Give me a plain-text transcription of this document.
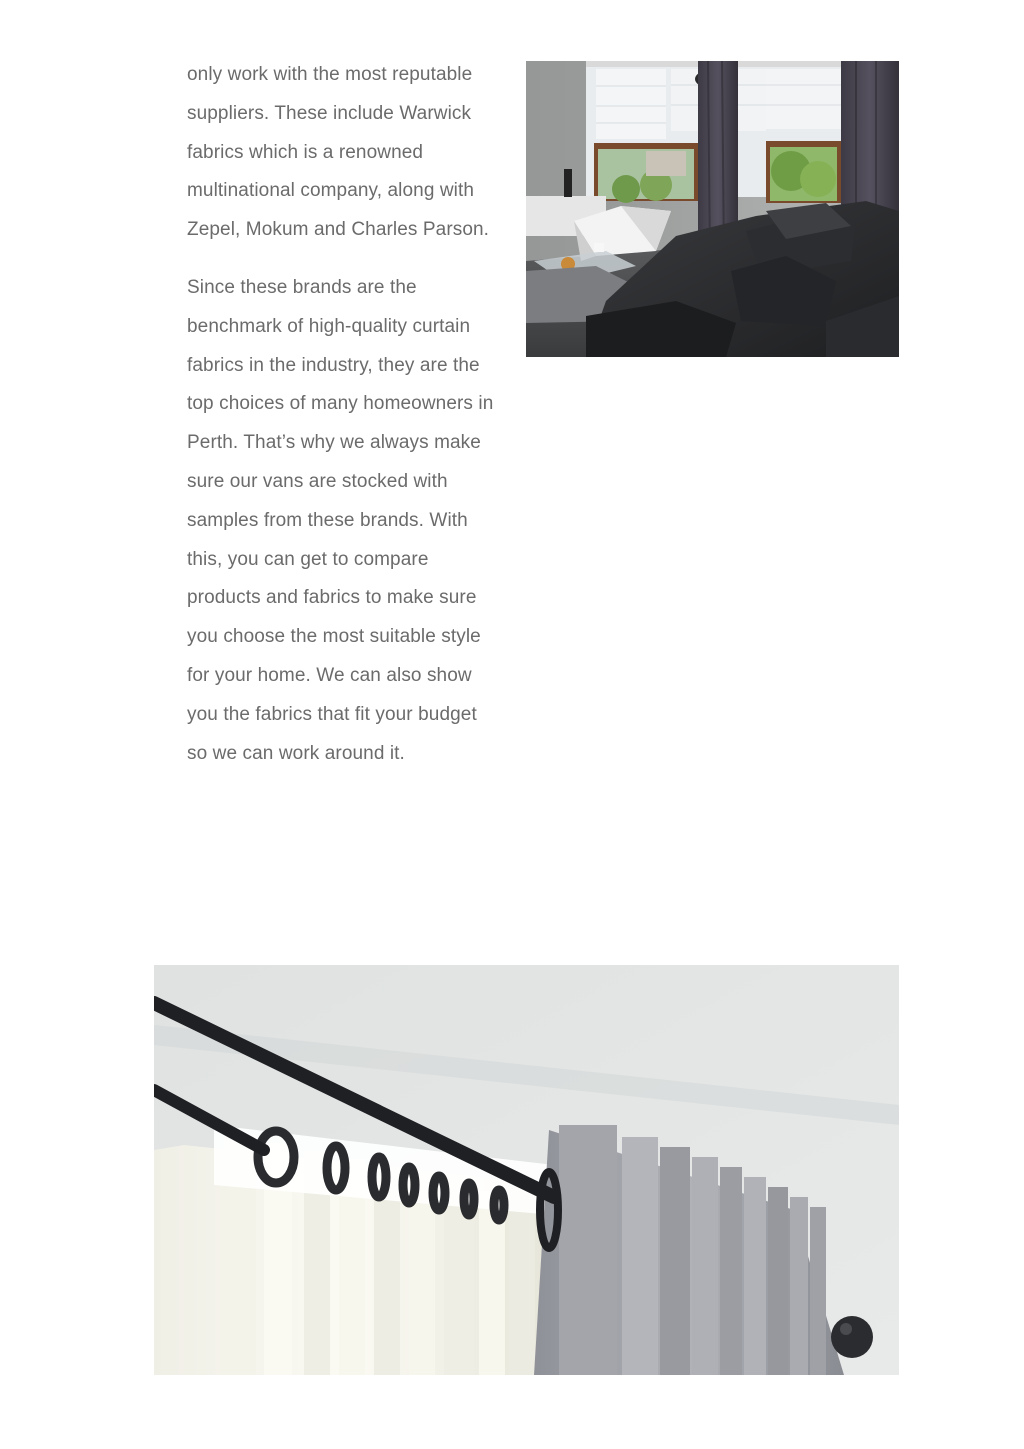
only work with the most reputable suppliers. These include Warwick fabrics which is a renowned multinational company, along with Zepel, Mokum and Charles Parson.

Since these brands are the benchmark of high-quality curtain fabrics in the industry, they are the top choices of many homeowners in Perth. That’s why we always make sure our vans are stocked with samples from these brands. With this, you can get to compare products and fabrics to make sure you choose the most suitable style for your home. We can also show you the fabrics that fit your budget so we can work around it.
